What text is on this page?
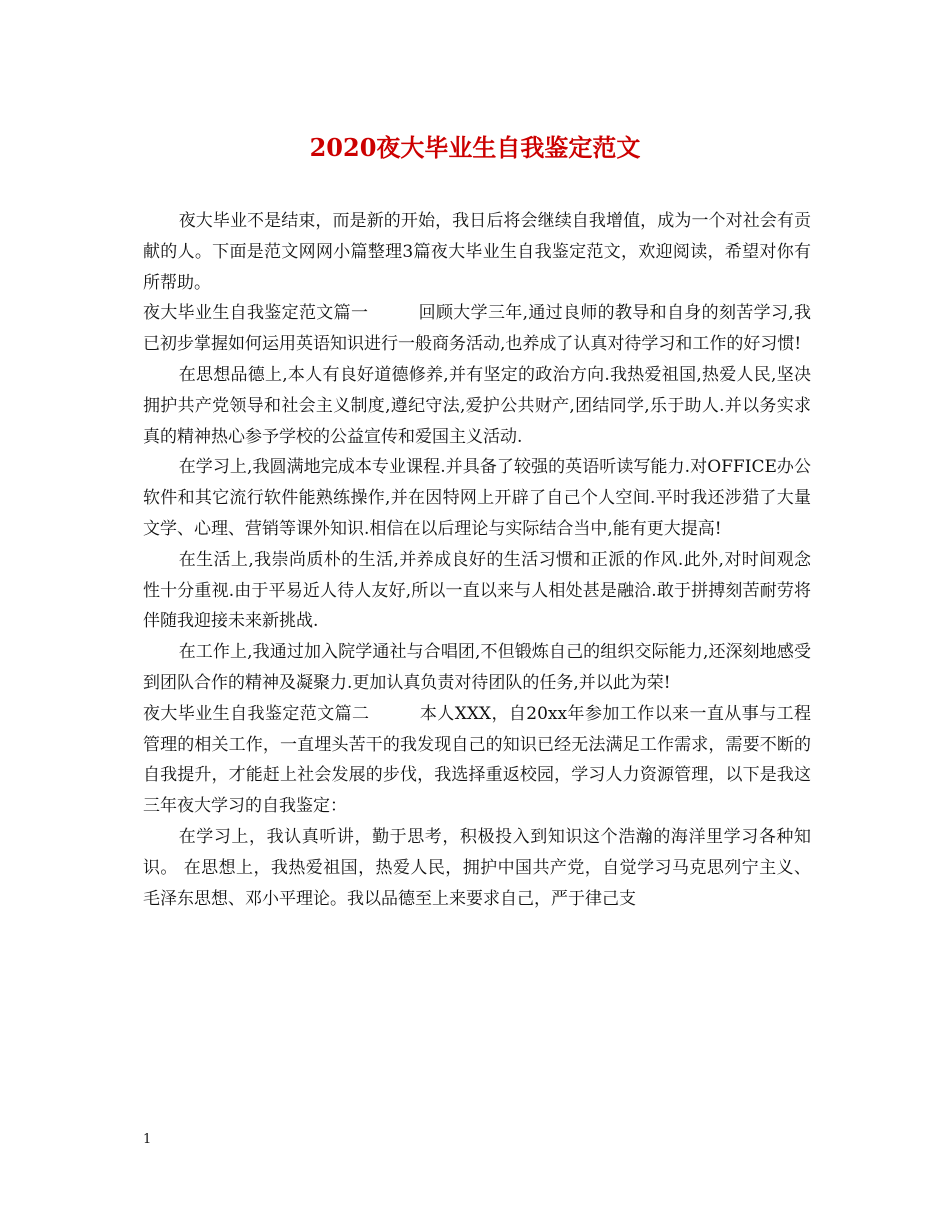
2020夜大毕业生自我鉴定范文

夜大毕业不是结束，而是新的开始，我日后将会继续自我增值，成为一个对社会有贡献的人。下面是范文网网小篇整理3篇夜大毕业生自我鉴定范文，欢迎阅读，希望对你有所帮助。

夜大毕业生自我鉴定范文篇一	回顾大学三年,通过良师的教导和自身的刻苦学习,我已初步掌握如何运用英语知识进行一般商务活动,也养成了认真对待学习和工作的好习惯!

在思想品德上,本人有良好道德修养,并有坚定的政治方向.我热爱祖国,热爱人民,坚决拥护共产党领导和社会主义制度,遵纪守法,爱护公共财产,团结同学,乐于助人.并以务实求真的精神热心参予学校的公益宣传和爱国主义活动.

在学习上,我圆满地完成本专业课程.并具备了较强的英语听读写能力.对OFFICE办公软件和其它流行软件能熟练操作,并在因特网上开辟了自己个人空间.平时我还涉猎了大量文学、心理、营销等课外知识.相信在以后理论与实际结合当中,能有更大提高!

在生活上,我崇尚质朴的生活,并养成良好的生活习惯和正派的作风.此外,对时间观念性十分重视.由于平易近人待人友好,所以一直以来与人相处甚是融洽.敢于拼搏刻苦耐劳将伴随我迎接未来新挑战.

在工作上,我通过加入院学通社与合唱团,不但锻炼自己的组织交际能力,还深刻地感受到团队合作的精神及凝聚力.更加认真负责对待团队的任务,并以此为荣!

夜大毕业生自我鉴定范文篇二	本人XXX，自20xx年参加工作以来一直从事与工程管理的相关工作，一直埋头苦干的我发现自己的知识已经无法满足工作需求，需要不断的自我提升，才能赶上社会发展的步伐，我选择重返校园，学习人力资源管理，以下是我这三年夜大学习的自我鉴定：

在学习上，我认真听讲，勤于思考，积极投入到知识这个浩瀚的海洋里学习各种知识。 在思想上，我热爱祖国，热爱人民，拥护中国共产党，自觉学习马克思列宁主义、毛泽东思想、邓小平理论。我以品德至上来要求自己，严于律己支

1
